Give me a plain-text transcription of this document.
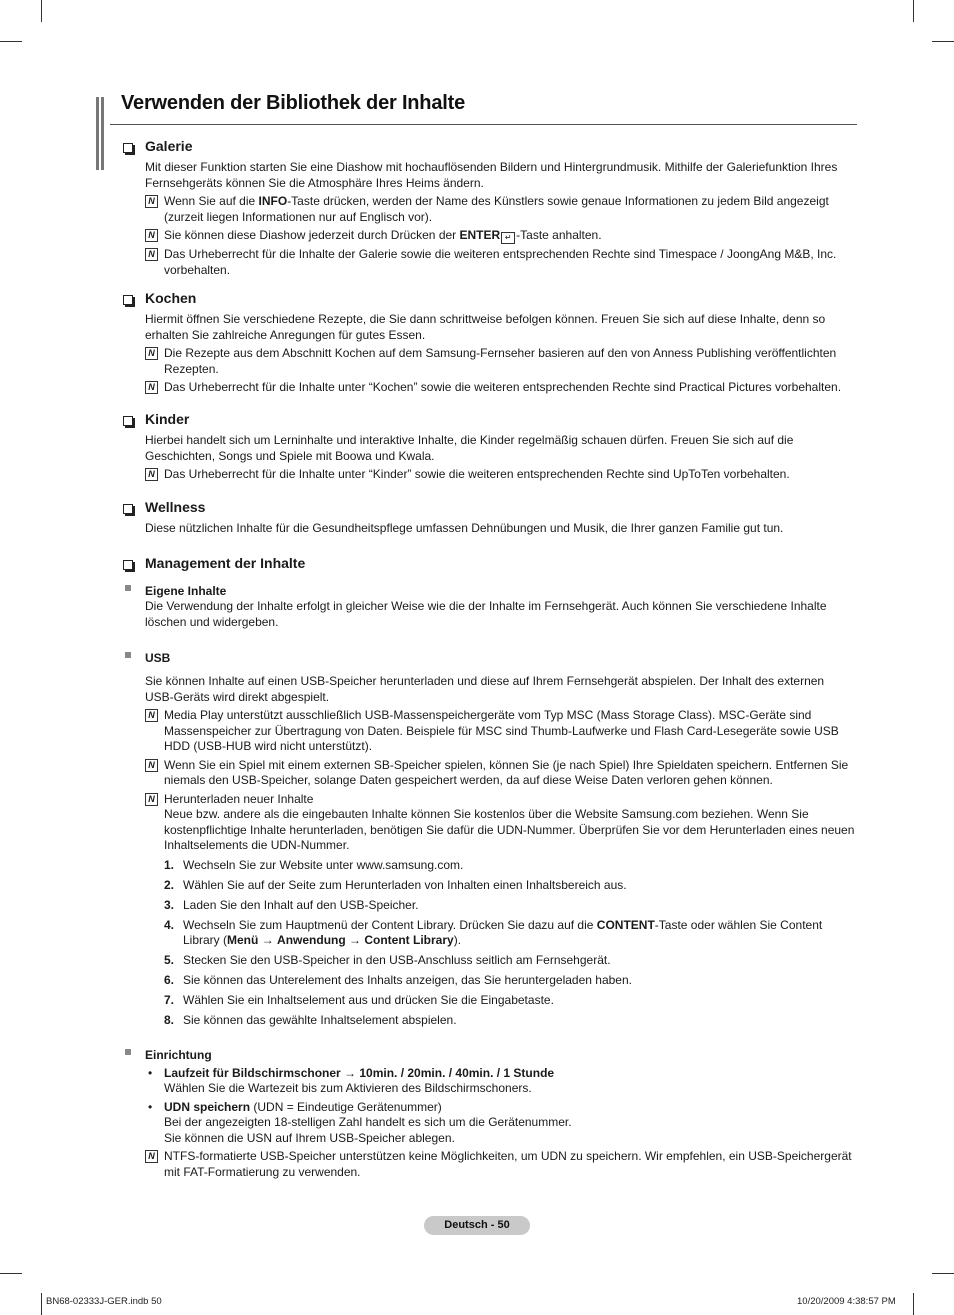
Verwenden der Bibliothek der Inhalte
Galerie

Mit dieser Funktion starten Sie eine Diashow mit hochauflösenden Bildern und Hintergrundmusik. Mithilfe der Galeriefunktion Ihres Fernsehgeräts können Sie die Atmosphäre Ihres Heims ändern.

N Wenn Sie auf die INFO-Taste drücken, werden der Name des Künstlers sowie genaue Informationen zu jedem Bild angezeigt (zurzeit liegen Informationen nur auf Englisch vor).
N Sie können diese Diashow jederzeit durch Drücken der ENTER ↵ -Taste anhalten.
N Das Urheberrecht für die Inhalte der Galerie sowie die weiteren entsprechenden Rechte sind Timespace / JoongAng M&B, Inc. vorbehalten.
Kochen

Hiermit öffnen Sie verschiedene Rezepte, die Sie dann schrittweise befolgen können. Freuen Sie sich auf diese Inhalte, denn so erhalten Sie zahlreiche Anregungen für gutes Essen.

N Die Rezepte aus dem Abschnitt Kochen auf dem Samsung-Fernseher basieren auf den von Anness Publishing veröffentlichten Rezepten.
N Das Urheberrecht für die Inhalte unter “Kochen” sowie die weiteren entsprechenden Rechte sind Practical Pictures vorbehalten.
Kinder

Hierbei handelt sich um Lerninhalte und interaktive Inhalte, die Kinder regelmäßig schauen dürfen. Freuen Sie sich auf die Geschichten, Songs und Spiele mit Boowa und Kwala.

N Das Urheberrecht für die Inhalte unter “Kinder” sowie die weiteren entsprechenden Rechte sind UpToTen vorbehalten.
Wellness

Diese nützlichen Inhalte für die Gesundheitspflege umfassen Dehnübungen und Musik, die Ihrer ganzen Familie gut tun.

Management der Inhalte
Eigene Inhalte

Die Verwendung der Inhalte erfolgt in gleicher Weise wie die der Inhalte im Fernsehgerät. Auch können Sie verschiedene Inhalte löschen und widergeben.

USB

Sie können Inhalte auf einen USB-Speicher herunterladen und diese auf Ihrem Fernsehgerät abspielen. Der Inhalt des externen USB-Geräts wird direkt abgespielt.

N Media Play unterstützt ausschließlich USB-Massenspeichergeräte vom Typ MSC (Mass Storage Class). MSC-Geräte sind Massenspeicher zur Übertragung von Daten. Beispiele für MSC sind Thumb-Laufwerke und Flash Card-Lesegeräte sowie USB HDD (USB-HUB wird nicht unterstützt).
N Wenn Sie ein Spiel mit einem externen SB-Speicher spielen, können Sie (je nach Spiel) Ihre Spieldaten speichern. Entfernen Sie niemals den USB-Speicher, solange Daten gespeichert werden, da auf diese Weise Daten verloren gehen können.
N Herunterladen neuer Inhalte
Neue bzw. andere als die eingebauten Inhalte können Sie kostenlos über die Website Samsung.com beziehen. Wenn Sie kostenpflichtige Inhalte herunterladen, benötigen Sie dafür die UDN-Nummer. Überprüfen Sie vor dem Herunterladen eines neuen Inhaltselements die UDN-Nummer.
1. Wechseln Sie zur Website unter www.samsung.com.
2. Wählen Sie auf der Seite zum Herunterladen von Inhalten einen Inhaltsbereich aus.
3. Laden Sie den Inhalt auf den USB-Speicher.
4. Wechseln Sie zum Hauptmenü der Content Library. Drücken Sie dazu auf die CONTENT-Taste oder wählen Sie Content Library (Menü → Anwendung → Content Library).
5. Stecken Sie den USB-Speicher in den USB-Anschluss seitlich am Fernsehgerät.
6. Sie können das Unterelement des Inhalts anzeigen, das Sie heruntergeladen haben.
7. Wählen Sie ein Inhaltselement aus und drücken Sie die Eingabetaste.
8. Sie können das gewählte Inhaltselement abspielen.
Einrichtung
• Laufzeit für Bildschirmschoner → 10min. / 20min. / 40min. / 1 Stunde
Wählen Sie die Wartezeit bis zum Aktivieren des Bildschirmschoners.
• UDN speichern (UDN = Eindeutige Gerätenummer)
Bei der angezeigten 18-stelligen Zahl handelt es sich um die Gerätenummer.
Sie können die USN auf Ihrem USB-Speicher ablegen.
N NTFS-formatierte USB-Speicher unterstützen keine Möglichkeiten, um UDN zu speichern. Wir empfehlen, ein USB-Speichergerät mit FAT-Formatierung zu verwenden.
Deutsch - 50
BN68-02333J-GER.indb 50	10/20/2009 4:38:57 PM
